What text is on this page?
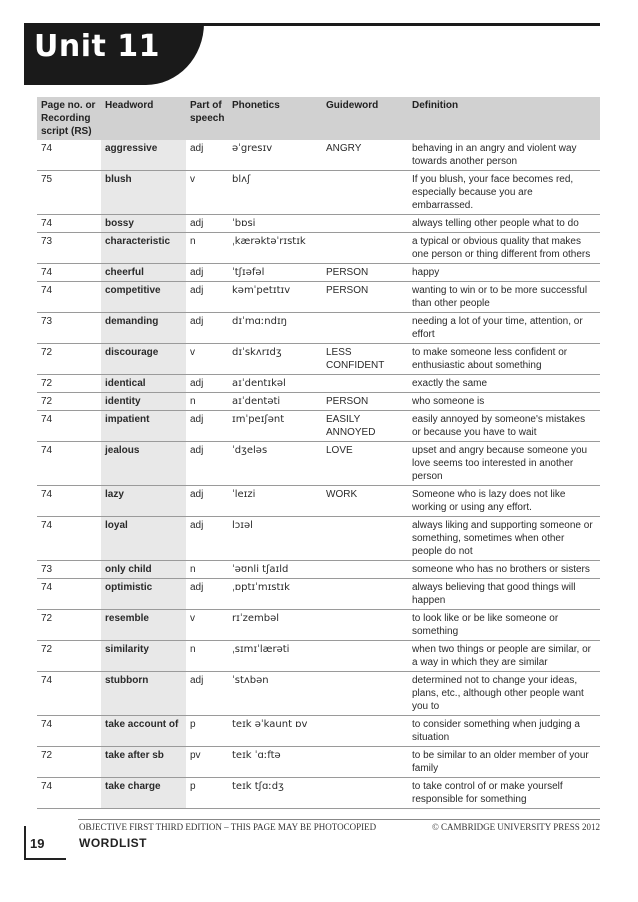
Unit 11
Page no. or Recording script (RS)	Headword	Part of speech	Phonetics	Guideword	Definition
74	aggressive	adj	əˈgresɪv	ANGRY	behaving in an angry and violent way towards another person
75	blush	v	blʌʃ		If you blush, your face becomes red, especially because you are embarrassed.
74	bossy	adj	ˈbɒsi		always telling other people what to do
73	characteristic	n	ˌkærəktəˈrɪstɪk		a typical or obvious quality that makes one person or thing different from others
74	cheerful	adj	ˈtʃɪəfəl	PERSON	happy
74	competitive	adj	kəmˈpetɪtɪv	PERSON	wanting to win or to be more successful than other people
73	demanding	adj	dɪˈmɑːndɪŋ		needing a lot of your time, attention, or effort
72	discourage	v	dɪˈskʌrɪdʒ	LESS CONFIDENT	to make someone less confident or enthusiastic about something
72	identical	adj	aɪˈdentɪkəl		exactly the same
72	identity	n	aɪˈdentəti	PERSON	who someone is
74	impatient	adj	ɪmˈpeɪʃənt	EASILY ANNOYED	easily annoyed by someone's mistakes or because you have to wait
74	jealous	adj	ˈdʒeləs	LOVE	upset and angry because someone you love seems too interested in another person
74	lazy	adj	ˈleɪzi	WORK	Someone who is lazy does not like working or using any effort.
74	loyal	adj	lɔɪəl		always liking and supporting someone or something, sometimes when other people do not
73	only child	n	ˈəʊnli tʃaɪld		someone who has no brothers or sisters
74	optimistic	adj	ˌɒptɪˈmɪstɪk		always believing that good things will happen
72	resemble	v	rɪˈzembəl		to look like or be like someone or something
72	similarity	n	ˌsɪmɪˈlærəti		when two things or people are similar, or a way in which they are similar
74	stubborn	adj	ˈstʌbən		determined not to change your ideas, plans, etc., although other people want you to
74	take account of	p	teɪk əˈkaunt ɒv		to consider something when judging a situation
72	take after sb	pv	teɪk ˈɑːftə		to be similar to an older member of your family
74	take charge	p	teɪk tʃɑːdʒ		to take control of or make yourself responsible for something
OBJECTIVE FIRST THIRD EDITION – THIS PAGE MAY BE PHOTOCOPIED	© CAMBRIDGE UNIVERSITY PRESS 2012
19	WORDLIST
